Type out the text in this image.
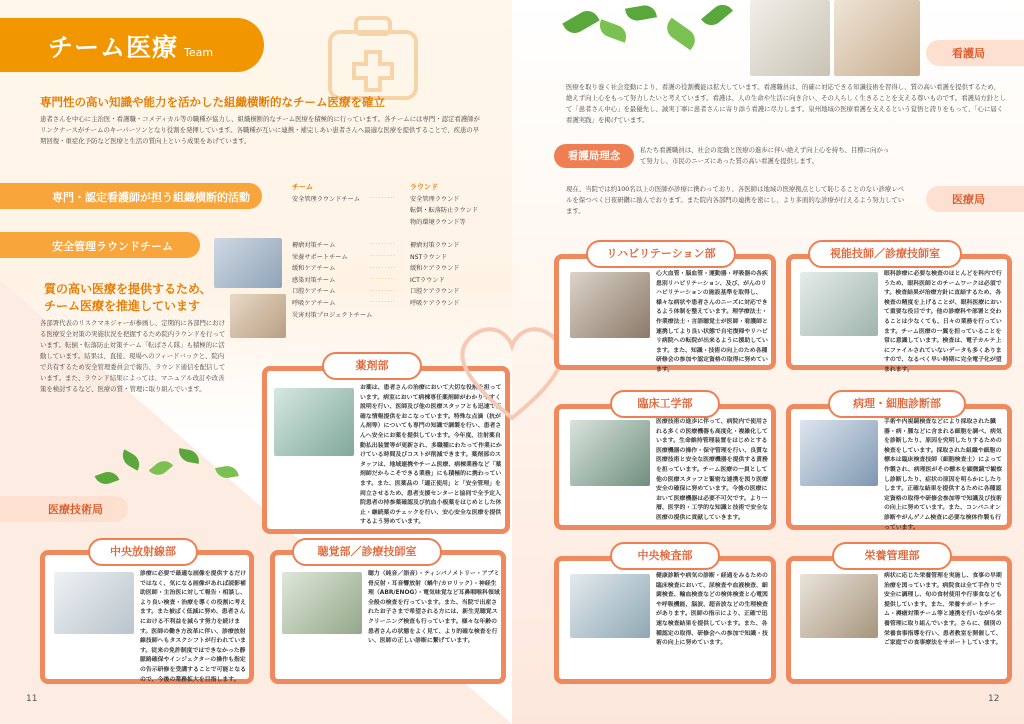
チーム医療 Team
専門性の高い知識や能力を活かした組織横断的なチーム医療を確立
患者さんを中心に主治医・看護職・コメディカル等の職種が協力し、組織横断的なチーム医療を積極的に行っています。各チームには専門・認定看護師がリンクナースがチームのキーパーソンとなり役割を発揮しています。各職種が互いに連携・補完しあい患者さんへ最適な医療を提供することで、疾患の早期回復・重症化予防など医療と生活の質向上という成果をあげています。
専門・認定看護師が担う組織横断的活動
安全管理ラウンドチーム
チーム
安全管理ラウンドチーム

褥瘡対策チーム
栄養サポートチーム
緩和ケアチーム
感染対策チーム
口腔ケアチーム
呼吸ケアチーム
災害対策プロジェクトチーム
·········

·········
·········
·········
·········
·········
·········
ラウンド
安全管理ラウンド
転倒・転落防止ラウンド
物的環境ラウンド等

褥瘡対策ラウンド
NSTラウンド
緩和ケアラウンド
ICTラウンド
口腔ケアラウンド
呼吸ケアラウンド
質の高い医療を提供するため、
チーム医療を推進しています
各部署代表のリスクマネジャーが参画し、定期的に各部門における医療安全対策の実施状況を把握するため院内ラウンドを行っています。転倒・転落防止対策チーム「転ばさん隊」も積極的に活動しています。結果は、直接、現場へのフィードバックと、院内で共有するため安全管理委員会で報告、ラウンド通信を配信しています。また、ラウンド結果によっては、マニュアル改訂や改善策を検討するなど、医療の質・管理に取り組んでいます。
医療技術局
薬剤部
お薬は、患者さんの治療において大切な役割を担っています。病室において病棟専任薬剤師がわかりやすく説明を行い、医師及び他の医療スタッフとも迅速で正確な情報提供をおこなっています。特殊な点滴（抗がん剤等）についても専門の知識で調製を行い、患者さんへ安全にお薬を提供しています。今年度、注射薬自動払出装置等が更新され、多職種にわたって作業にかけている時間及びコストが削減できます。薬剤部のスタッフは、地域連携やチーム医療、病棟業務など「薬剤師だからこそできる業務」にも積極的に携わっています。また、医薬品の「適正使用」と「安全管理」を両立させるため、患者支援センターと協同で全予定入院患者の持参薬確認及び抗血小板薬をはじめとした休止・継続薬のチェックを行い、安心安全な医療を提供するよう努めています。
中央放射線部
診療に必要で最適な画像を提供するだけではなく、気になる画像があれば読影補助医師・主治医に対して報告・相談し、より良い検査・治療を導くの役割に考えます。また被ばく低減に努め、患者さんにおける不利益を減らす努力を続けます。医師の働き方改革に伴い、診療放射線技師へもタスクシフトが行われています。従来の免許制度ではできなかった静脈路確保やインジェクターの操作も指定の告示研修を受講することで可能となるので、今後の業務拡大を目指します。
聴覚部／診療技師室
聴力（純音／語音）・ティンパノメトリー・アブミ骨反射・耳音響放射（蝸牛/カロリック）・神経生理（ABR/ENOG）・電気味覚など耳鼻咽喉科領域全般の検査を行っています。また、当院で出産されたお子さまで希望される方には、新生児聴覚スクリーニング検査も行っています。様々な年齢の患者さんの状態をよく見て、より的確な検査を行い、医師の正しい診断に繋げています。
11
看護局
医療を取り巻く社会変動により、看護の役割機能は拡大しています。看護職員は、的確に対応できる知識技術を習得し、質の高い看護を提供するため、絶えず向上心をもって努力したいと考えています。看護は、人の生命や生活に向き合い、その人らしく生きることを支える尊いものです。看護局方針として「患者さん中心」を最優先し、誠実丁寧に患者さんに寄り添う看護に尽力します。泉州地域の医療看護を支えるという覚悟と誇りをもって、「心に届く看護実践」を掲げています。
看護局理念	私たち看護職員は、社会の変動と医療の進歩に伴い絶えず向上心を持ち、目標に向かって努力し、市民のニーズにあった質の高い看護を提供します。
医療局
現在、当院では約100名以上の医師が診療に携わっており、各医師は地域の医療拠点として恥じることのない診療レベルを保つべく日夜研鑽に励んでおります。また院内各部門の連携を密にし、より多面的な診療が行えるよう努力しています。
リハビリテーション部
心大血管・脳血管・運動器・呼吸器の各疾患別リハビリテーション、及び、がんのリハビリテーションの施設基準を取得し、様々な病状や患者さんのニーズに対応できるよう体制を整えています。理学療法士・作業療法士・言語聴覚士が医師・看護師と連携してより良い状態で自宅復帰やリハビリ病院への転院が出来るように援助しています。また、知識・技術の向上のため各種研修会の参加や認定資格の取得に努めています。
視能技師／診療技師室
眼科診療に必要な検査のほとんどを科内で行うため、眼科医師とのチームワークは必須です。検査結果が治療方針に直結するため、各検査の精度を上げることが、眼科医療において重要な役目です。他の診療科や部署と交わることは少なくても、日々の業務を行っています。チーム医療の一翼を担っていることを常に意識しています。検査は、電子カルテ上にファイルされていないデータも多くありますので、なるべく早い時期に完全電子化が望まれます。
臨床工学部
医療技術の進歩に伴って、病院内で使用される多くの医療機器も高度化・複雑化しています。生命維持管理装置をはじめとする医療機器の操作・保守管理を行い、良質な医療技術と安全な医療機器を提供する責務を担っています。チーム医療の一員として他の医療スタッフと緊密な連携を図り医療安全の確保に努めています。今後の医療において医療機器は必要不可欠です。より一層、医学的・工学的な知識と技術で安全な医療の提供に貢献していきます。
病理・細胞診断部
手術や内視鏡検査などにより採取された臓器・病・腫などに含まれる細胞を調べ、病気を診断したり、原因を究明したりするための検査をしています。採取された組織や細胞の標本は臨床検査技師（細胞検査士）によって作製され、病理医がその標本を顕微鏡で観察し診断したり、症状の原因を明らかにしたりします。正確な結果を提供するために各種認定資格の取得や研修会参加等で知識及び技術の向上に努めています。また、コンパニオン診断やがんゲノム検査に必要な検体作製も行っています。
中央検査部
健康診断や病気の診断・経過をみるための臨床検査において、尿検査や血液検査、細菌検査、輸血検査などの検体検査と心電図や呼吸機能、脳波、超音波などの生理検査があります。医師の指示により、正確で迅速な検査結果を提供しています。また、各種認定の取得、研修会への参加で知識・技術の向上に努めています。
栄養管理部
病状に応じた栄養管理を実施し、食事の早期治療を図っています。病院食は全て手作りで安全に調理し、旬の食材使用や行事食なども提供しています。また、栄養サポートチーム・褥瘡対策チーム等と連携を行いながら栄養管理に取り組んでいます。さらに、個別の栄養食事指導を行い、患者教室を開催して、ご家庭での食事療法をサポートしています。
12
